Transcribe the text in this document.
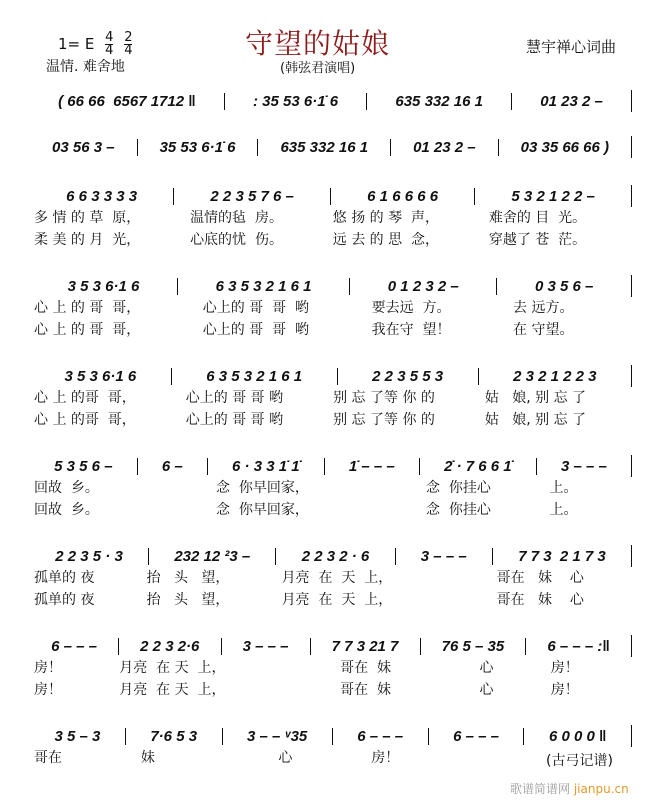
1= E $\frac{4}{4}$
$\frac{2}{4}$
温情. 难舍地
守望的姑娘
(韩弦君演唱)
慧宇禅心词曲
( 66 66  6567 1712 ‖	: 35 53 6·1̇ 6	635 332 16 1	01 23 2 –
03 56 3 –	35 53 6·1̇ 6	635 332 16 1	01 23 2 –	03 35 66 66 )
6 6 3 3 3 3	2 2 3 5 7 6 –	6 1 6 6 6 6	5 3 2 1 2 2 –
多 情 的 草  原，	温情的毡  房。	悠 扬 的 琴  声，	难舍的 目  光。
柔 美 的 月  光，	心底的忧  伤。	远 去 的 思  念，	穿越了 苍  茫。
3 5 3 6·1 6	6 3 5 3 2 1 6 1	0 1 2 3 2 –	0 3 5 6 –
心 上 的 哥  哥，	心上的 哥  哥  哟	要去远  方。	去 远方。
心 上 的 哥  哥，	心上的 哥  哥  哟	我在守  望！	在 守望。
3 5 3 6·1 6	6 3 5 3 2 1 6 1	2 2 3 5 5 3	2 3 2 1 2 2 3
心 上 的哥  哥，	心上的 哥 哥 哟	别 忘 了等 你 的	姑   娘, 别 忘 了
心 上 的哥  哥，	心上的 哥 哥 哟	别 忘 了等 你 的	姑   娘, 别 忘 了
5 3 5 6 –	6 –	6 · 3 3 1̇ 1̇	1̇ – – –	2̇ · 7 6 6 1̇	3 – – –
回故  乡。	念  你早回家，	念  你挂心	上。
回故  乡。	念  你早回家，	念  你挂心	上。
2 2 3 5 · 3	232 12 ²3 –	2 2 3 2 · 6	3 – – –	7 7 3  2 1 7 3
孤单的 夜	抬   头   望，	月亮  在  天  上，	哥在   妹    心
孤单的 夜	抬   头   望，	月亮  在  天  上，	哥在   妹    心
6 – – –	2 2 3 2·6	3 – – –	7 7 3 21 7	76 5 – 35	6 – – – :‖
房！	月亮  在 天  上，	哥在  妹	心	房！
房！	月亮  在 天  上，	哥在  妹	心	房！
3 5 – 3	7·6 5 3	3 – – ᵛ35	6 – – –	6 – – –	6 0 0 0 ‖
哥在	妹	心	房！	(古弓记谱)
歌谱简谱网 jianpu.cn
